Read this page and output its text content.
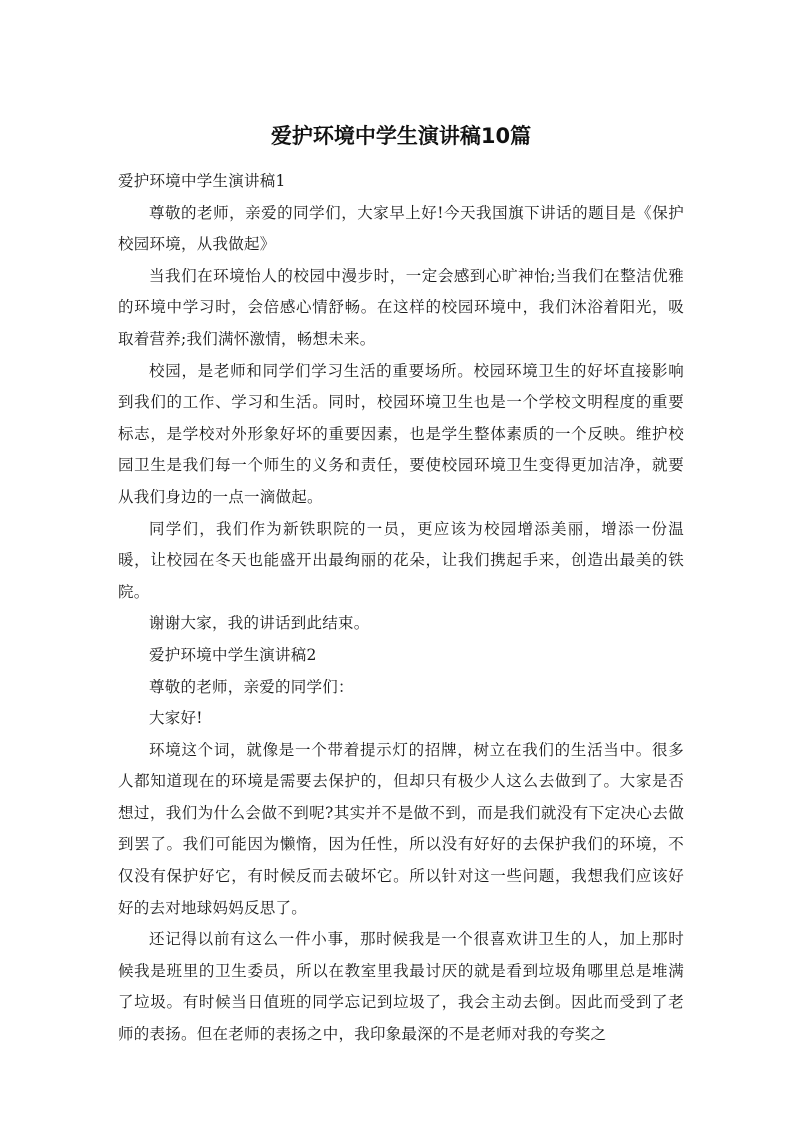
爱护环境中学生演讲稿10篇

爱护环境中学生演讲稿1

尊敬的老师，亲爱的同学们，大家早上好!今天我国旗下讲话的题目是《保护校园环境，从我做起》

当我们在环境怡人的校园中漫步时，一定会感到心旷神怡;当我们在整洁优雅的环境中学习时，会倍感心情舒畅。在这样的校园环境中，我们沐浴着阳光，吸取着营养;我们满怀激情，畅想未来。

校园，是老师和同学们学习生活的重要场所。校园环境卫生的好坏直接影响到我们的工作、学习和生活。同时，校园环境卫生也是一个学校文明程度的重要标志，是学校对外形象好坏的重要因素，也是学生整体素质的一个反映。维护校园卫生是我们每一个师生的义务和责任，要使校园环境卫生变得更加洁净，就要从我们身边的一点一滴做起。

同学们，我们作为新铁职院的一员，更应该为校园增添美丽，增添一份温暖，让校园在冬天也能盛开出最绚丽的花朵，让我们携起手来，创造出最美的铁院。

谢谢大家，我的讲话到此结束。

爱护环境中学生演讲稿2

尊敬的老师，亲爱的同学们：

大家好!

环境这个词，就像是一个带着提示灯的招牌，树立在我们的生活当中。很多人都知道现在的环境是需要去保护的，但却只有极少人这么去做到了。大家是否想过，我们为什么会做不到呢?其实并不是做不到，而是我们就没有下定决心去做到罢了。我们可能因为懒惰，因为任性，所以没有好好的去保护我们的环境，不仅没有保护好它，有时候反而去破坏它。所以针对这一些问题，我想我们应该好好的去对地球妈妈反思了。

还记得以前有这么一件小事，那时候我是一个很喜欢讲卫生的人，加上那时候我是班里的卫生委员，所以在教室里我最讨厌的就是看到垃圾角哪里总是堆满了垃圾。有时候当日值班的同学忘记到垃圾了，我会主动去倒。因此而受到了老师的表扬。但在老师的表扬之中，我印象最深的不是老师对我的夸奖之
